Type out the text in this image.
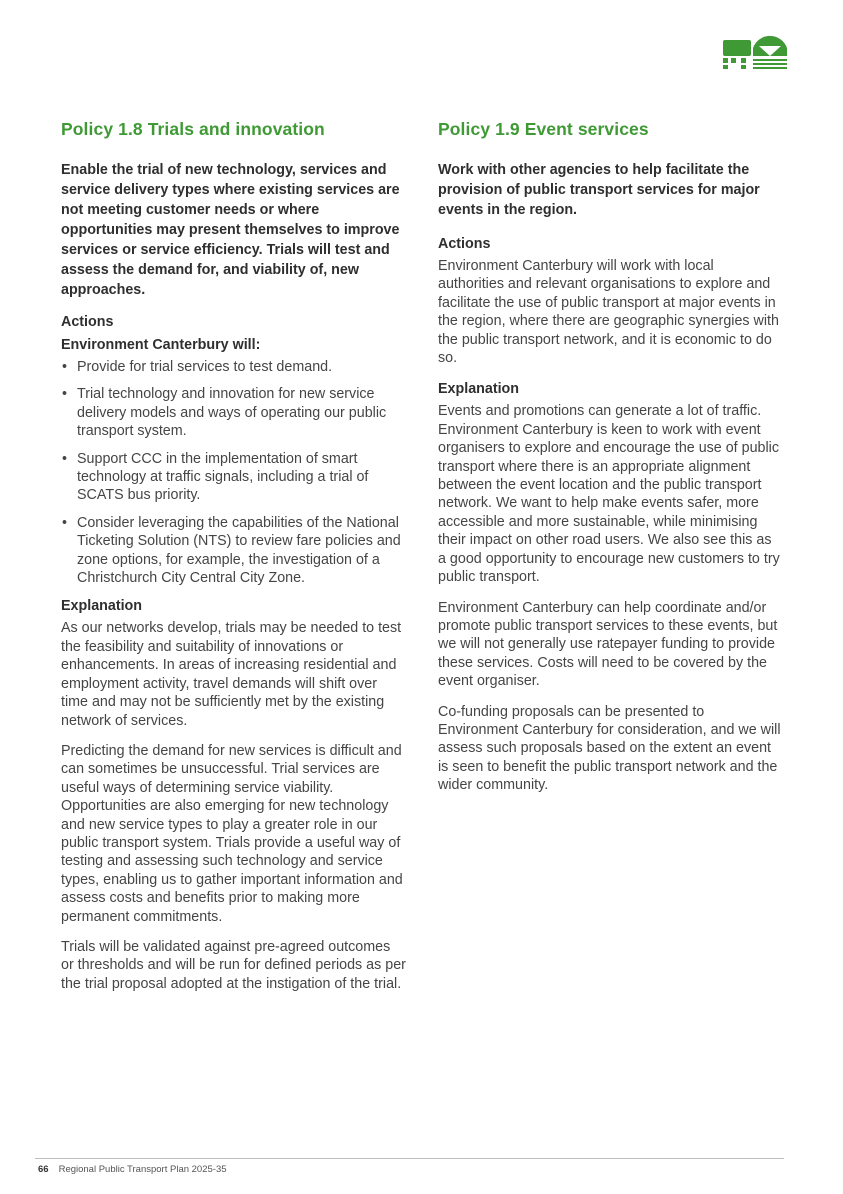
Policy 1.8 Trials and innovation

Enable the trial of new technology, services and service delivery types where existing services are not meeting customer needs or where opportunities may present themselves to improve services or service efficiency. Trials will test and assess the demand for, and viability of, new approaches.

Actions
Environment Canterbury will:
• Provide for trial services to test demand.
• Trial technology and innovation for new service delivery models and ways of operating our public transport system.
• Support CCC in the implementation of smart technology at traffic signals, including a trial of SCATS bus priority.
• Consider leveraging the capabilities of the National Ticketing Solution (NTS) to review fare policies and zone options, for example, the investigation of a Christchurch City Central City Zone.
Explanation

As our networks develop, trials may be needed to test the feasibility and suitability of innovations or enhancements. In areas of increasing residential and employment activity, travel demands will shift over time and may not be sufficiently met by the existing network of services.

Predicting the demand for new services is difficult and can sometimes be unsuccessful. Trial services are useful ways of determining service viability. Opportunities are also emerging for new technology and new service types to play a greater role in our public transport system. Trials provide a useful way of testing and assessing such technology and service types, enabling us to gather important information and assess costs and benefits prior to making more permanent commitments.

Trials will be validated against pre-agreed outcomes or thresholds and will be run for defined periods as per the trial proposal adopted at the instigation of the trial.

Policy 1.9 Event services

Work with other agencies to help facilitate the provision of public transport services for major events in the region.

Actions

Environment Canterbury will work with local authorities and relevant organisations to explore and facilitate the use of public transport at major events in the region, where there are geographic synergies with the public transport network, and it is economic to do so.

Explanation

Events and promotions can generate a lot of traffic. Environment Canterbury is keen to work with event organisers to explore and encourage the use of public transport where there is an appropriate alignment between the event location and the public transport network. We want to help make events safer, more accessible and more sustainable, while minimising their impact on other road users. We also see this as a good opportunity to encourage new customers to try public transport.

Environment Canterbury can help coordinate and/or promote public transport services to these events, but we will not generally use ratepayer funding to provide these services. Costs will need to be covered by the event organiser.

Co-funding proposals can be presented to Environment Canterbury for consideration, and we will assess such proposals based on the extent an event is seen to benefit the public transport network and the wider community.

66 Regional Public Transport Plan 2025-35
